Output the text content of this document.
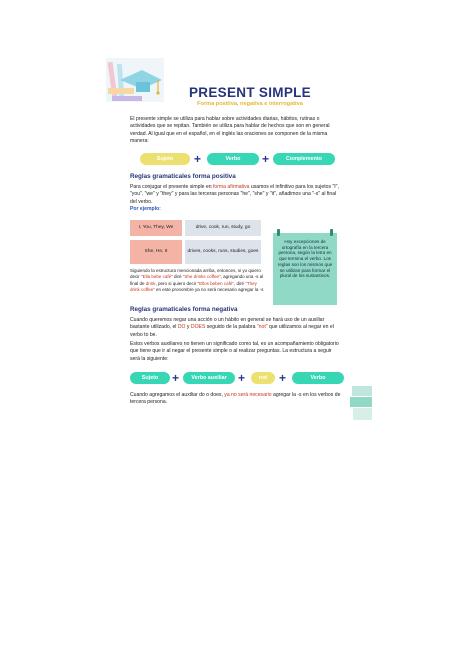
PRESENT SIMPLE
Forma positiva, negativa e interrogativa
El presente simple se utiliza para hablar sobre actividades diarias, hábitos, rutinas o actividades que se repitan. También se utiliza para hablar de hechos que son en general verdad. Al igual que en el español, en el inglés las oraciones se componen de la misma manera:
Sujeto	+	Verbo	+	Complemento
Reglas gramaticales forma positiva
Para conjugar el presente simple en forma afirmativa usamos el infinitivo para los sujetos "I", "you", "we" y "they" y para las terceras personas "he", "she" y "it", añadimos una "-s" al final del verbo.
Por ejemplo:
I, You, They, We	drive, cook, run, study, go
She, He, It	drives, cooks, runs, studies, goes
Hoy excepciones de ortografía en la tercera persona, según la letra en que termina el verbo. Los reglas son los mismos que se utilizan para formar el plural de los sustantivos.
Siguiendo la estructura mencionada arriba, entonces, si yo quiero decir "Ella bebe café" diré "She drinks coffee", agregando una -s al final de drink, pero si quiero decir "Ellos beben café", diré "They drink coffee" en este pronombre ya no será necesario agregar la -s
Reglas gramaticales forma negativa
Cuando queremos negar una acción o un hábito en general se hará uso de un auxiliar bastante utilizado, el DO y DOES seguido de la palabra "not" que utilizamos al negar en el verbo to be.
Estos verbos auxiliares no tienen un significado como tal, es un acompañamiento obligatorio que tiene que ir al negar el presente simple o al realizar preguntas. La estructura a seguir será la siguiente:
Sujeto	+	Verbo auxiliar +	not +	Verbo
Cuando agregamos el auxiliar do o does, ya no será necesario agregar la -s en los verbos de tercera persona.
